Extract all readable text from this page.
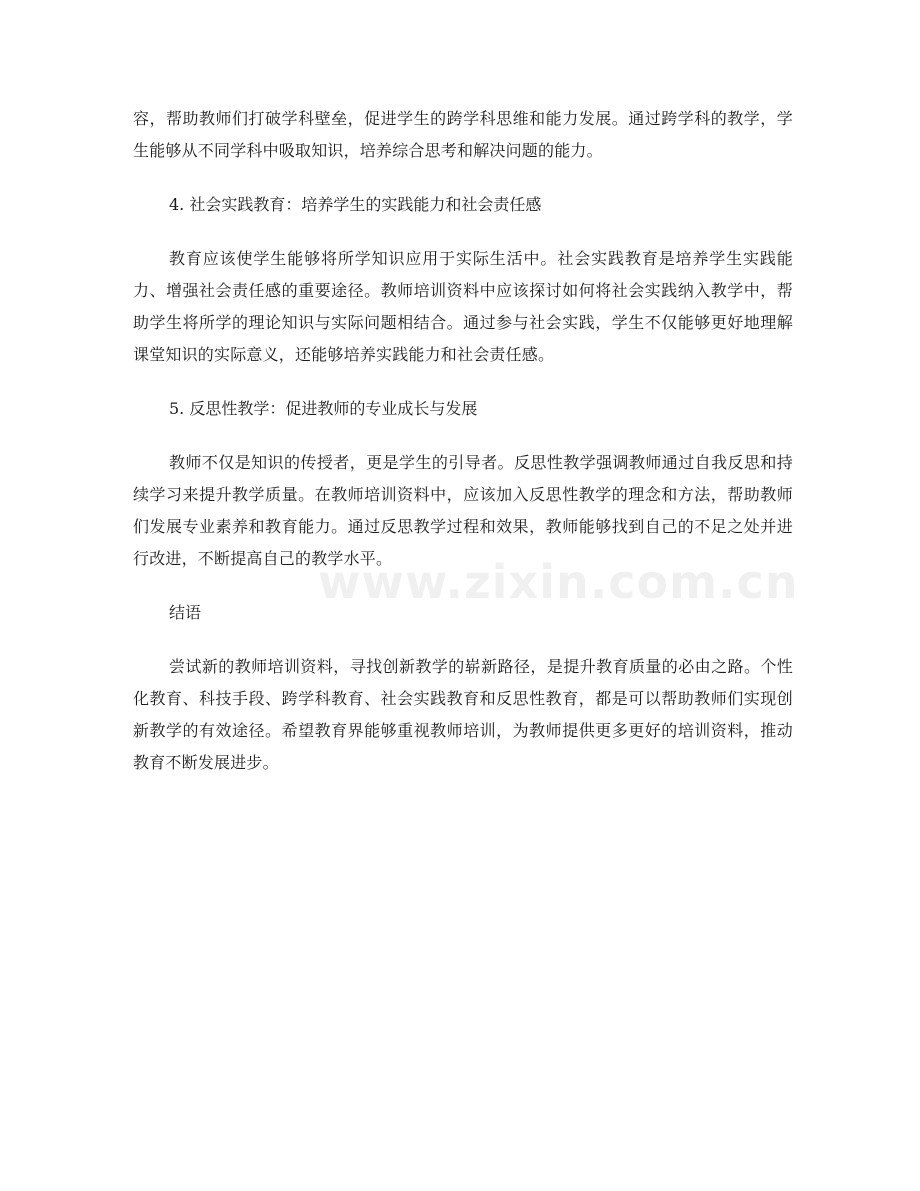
容，帮助教师们打破学科壁垒，促进学生的跨学科思维和能力发展。通过跨学科的教学，学生能够从不同学科中吸取知识，培养综合思考和解决问题的能力。

4. 社会实践教育：培养学生的实践能力和社会责任感

教育应该使学生能够将所学知识应用于实际生活中。社会实践教育是培养学生实践能力、增强社会责任感的重要途径。教师培训资料中应该探讨如何将社会实践纳入教学中，帮助学生将所学的理论知识与实际问题相结合。通过参与社会实践，学生不仅能够更好地理解课堂知识的实际意义，还能够培养实践能力和社会责任感。

5. 反思性教学：促进教师的专业成长与发展

教师不仅是知识的传授者，更是学生的引导者。反思性教学强调教师通过自我反思和持续学习来提升教学质量。在教师培训资料中，应该加入反思性教学的理念和方法，帮助教师们发展专业素养和教育能力。通过反思教学过程和效果，教师能够找到自己的不足之处并进行改进，不断提高自己的教学水平。

结语

尝试新的教师培训资料，寻找创新教学的崭新路径，是提升教育质量的必由之路。个性化教育、科技手段、跨学科教育、社会实践教育和反思性教育，都是可以帮助教师们实现创新教学的有效途径。希望教育界能够重视教师培训，为教师提供更多更好的培训资料，推动教育不断发展进步。

www.zixin.com.cn
